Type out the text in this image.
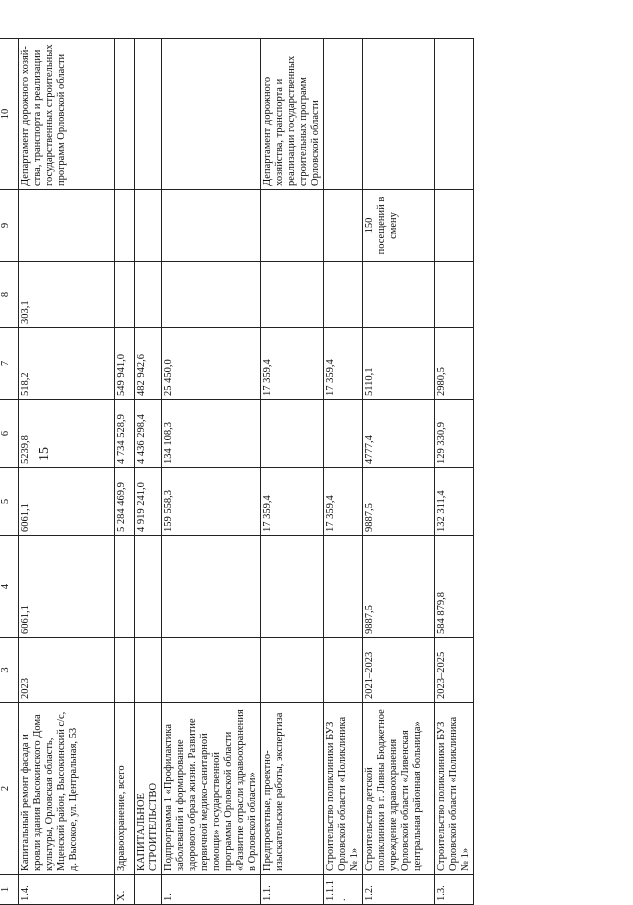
15
1	2	3	4	5	6	7	8	9	10
1.4.	Капитальный ремонт фасада и кровли здания Высокинского Дома культуры, Орловская область, Мценский район, Высокинский с/с, д. Высокое, ул. Центральная, 53	2023	6061,1	6061,1	5239,8	518,2	303,1		Департамент дорожного хозяй-ства, транспорта и реализации государственных строительных программ Орловской области
X.	Здравоохранение, всего			5 284 469,9	4 734 528,9	549 941,0			
	КАПИТАЛЬНОЕ СТРОИТЕЛЬСТВО			4 919 241,0	4 436 298,4	482 942,6			
1.	Подпрограмма 1 «Профилактика заболеваний и формирование здорового образа жизни. Развитие первичной медико-санитарной помощи» государственной программы Орловской области «Развитие отрасли здравоохранения в Орловской области»			159 558,3	134 108,3	25 450,0			
1.1.	Предпроектные, проектно-изыскательские работы, экспертиза			17 359,4		17 359,4			Департамент дорожного хозяйства, транспорта и реализации государственных строительных программ Орловской области
1.1.1.	Строительство поликлиники БУЗ Орловской области «Поликлиника № 1»			17 359,4		17 359,4			
1.2.	Строительство детской поликлиники в г. Ливны Бюджетное учреждение здравоохранения Орловской области «Ливенская центральная районная больница»	2021–2023	9887,5	9887,5	4777,4	5110,1		150 посещений в смену	
1.3.	Строительство поликлиники БУЗ Орловской области «Поликлиника № 1»	2023–2025	584 879,8	132 311,4	129 330,9	2980,5			
